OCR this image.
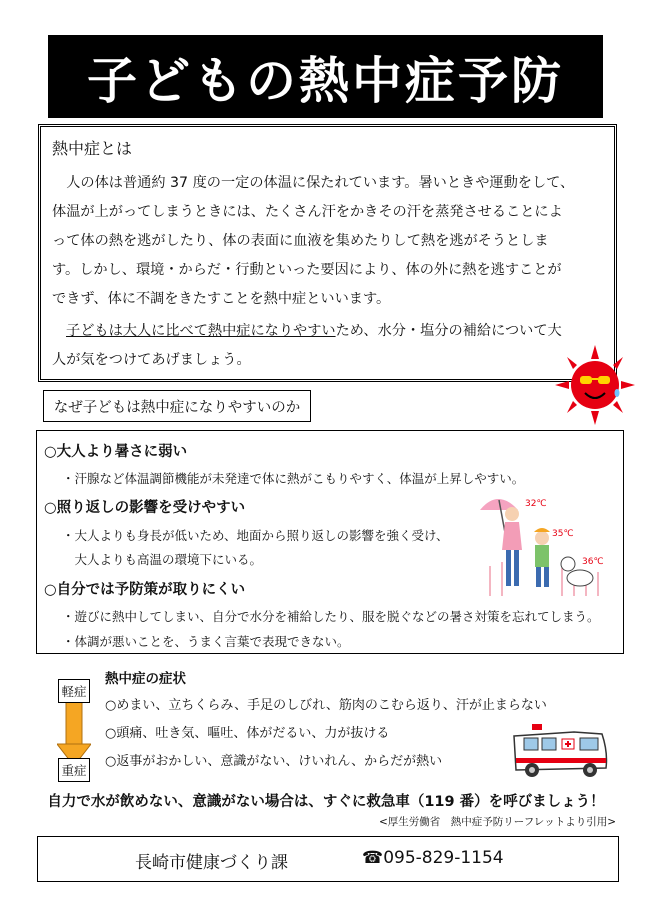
子どもの熱中症予防
熱中症とは
　人の体は普通約 37 度の一定の体温に保たれています。暑いときや運動をして、
体温が上がってしまうときには、たくさん汗をかきその汗を蒸発させることによ
って体の熱を逃がしたり、体の表面に血液を集めたりして熱を逃がそうとしま
す。しかし、環境・からだ・行動といった要因により、体の外に熱を逃すことが
できず、体に不調をきたすことを熱中症といいます。
子どもは大人に比べて熱中症になりやすいため、水分・塩分の補給について大
人が気をつけてあげましょう。
なぜ子どもは熱中症になりやすいのか
○大人より暑さに弱い
・汗腺など体温調節機能が未発達で体に熱がこもりやすく、体温が上昇しやすい。
○照り返しの影響を受けやすい
・大人よりも身長が低いため、地面から照り返しの影響を強く受け、
　大人よりも高温の環境下にいる。
○自分では予防策が取りにくい
・遊びに熱中してしまい、自分で水分を補給したり、服を脱ぐなどの暑さ対策を忘れてしまう。
・体調が悪いことを、うまく言葉で表現できない。
32℃
35℃
36℃
熱中症の症状
軽症
重症
○めまい、立ちくらみ、手足のしびれ、筋肉のこむら返り、汗が止まらない
○頭痛、吐き気、嘔吐、体がだるい、力が抜ける
○返事がおかしい、意識がない、けいれん、からだが熱い
自力で水が飲めない、意識がない場合は、すぐに救急車（119 番）を呼びましょう！
<厚生労働省　熱中症予防リーフレットより引用>
長崎市健康づくり課	☎095-829-1154
